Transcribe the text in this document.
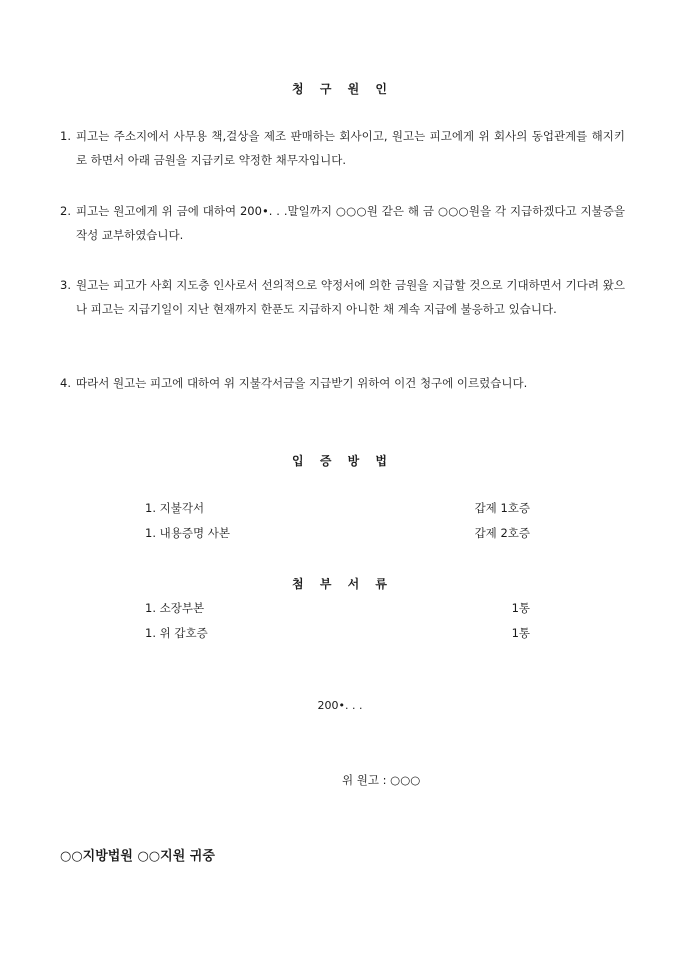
청 구 원 인
1. 피고는 주소지에서 사무용 책,걸상을 제조 판매하는 회사이고, 원고는 피고에게 위 회사의 동업관계를 해지키로 하면서 아래 금원을 지급키로 약정한 채무자입니다.
2. 피고는 원고에게 위 금에 대하여 200•. . .말일까지 ○○○원 같은 해 금 ○○○원을 각 지급하겠다고 지불증을 작성 교부하였습니다.
3. 원고는 피고가 사회 지도층 인사로서 선의적으로 약정서에 의한 금원을 지급할 것으로 기대하면서 기다려 왔으나 피고는 지급기일이 지난 현재까지 한푼도 지급하지 아니한 채 계속 지급에 불응하고 있습니다.
4. 따라서 원고는 피고에 대하여 위 지불각서금을 지급받기 위하여 이건 청구에 이르렀습니다.
입 증 방 법
1. 지불각서	갑제 1호증
1. 내용증명 사본	갑제 2호증
첨 부 서 류
1. 소장부본	1통
1. 위 갑호증	1통
200•. . .
위 원고 : ○○○
○○지방법원 ○○지원 귀중
